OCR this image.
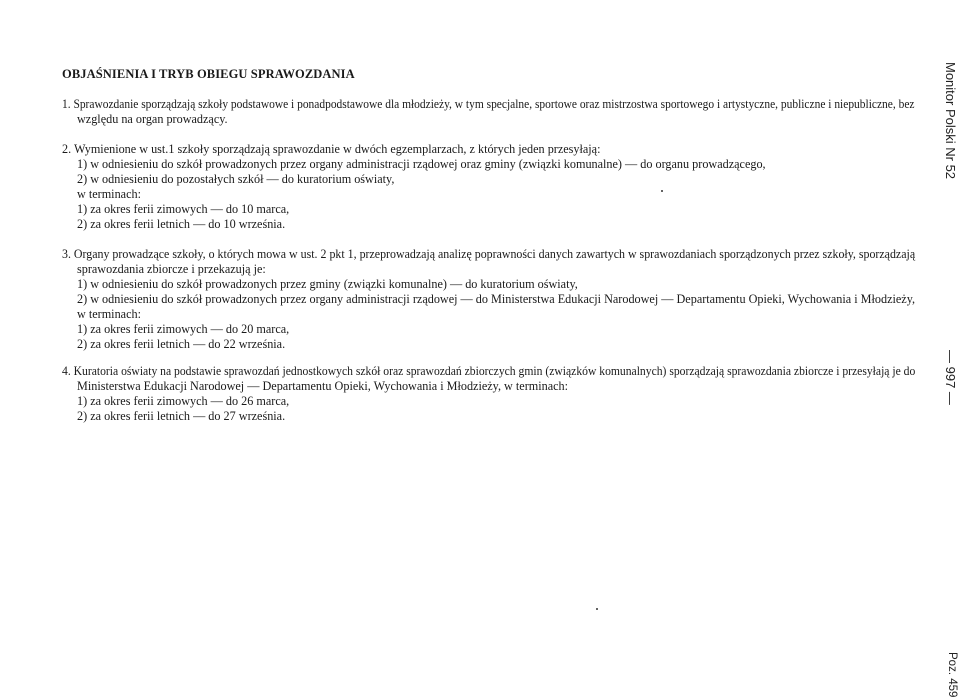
OBJAŚNIENIA I TRYB OBIEGU SPRAWOZDANIA
1. Sprawozdanie sporządzają szkoły podstawowe i ponadpodstawowe dla młodzieży, w tym specjalne, sportowe oraz mistrzostwa sportowego i artystyczne, publiczne i niepubliczne, bez
względu na organ prowadzący.
2. Wymienione w ust.1 szkoły sporządzają sprawozdanie w dwóch egzemplarzach, z których jeden przesyłają:
1) w odniesieniu do szkół prowadzonych przez organy administracji rządowej oraz gminy (związki komunalne) — do organu prowadzącego,
2) w odniesieniu do pozostałych szkół — do kuratorium oświaty,
w terminach:
1) za okres ferii zimowych — do 10 marca,
2) za okres ferii letnich — do 10 września.
3. Organy prowadzące szkoły, o których mowa w ust. 2 pkt 1, przeprowadzają analizę poprawności danych zawartych w sprawozdaniach sporządzonych przez szkoły, sporządzają
sprawozdania zbiorcze i przekazują je:
1) w odniesieniu do szkół prowadzonych przez gminy (związki komunalne) — do kuratorium oświaty,
2) w odniesieniu do szkół prowadzonych przez organy administracji rządowej — do Ministerstwa Edukacji Narodowej — Departamentu Opieki, Wychowania i Młodzieży,
w terminach:
1) za okres ferii zimowych — do 20 marca,
2) za okres ferii letnich — do 22 września.
4. Kuratoria oświaty na podstawie sprawozdań jednostkowych szkół oraz sprawozdań zbiorczych gmin (związków komunalnych) sporządzają sprawozdania zbiorcze i przesyłają je do
Ministerstwa Edukacji Narodowej — Departamentu Opieki, Wychowania i Młodzieży, w terminach:
1) za okres ferii zimowych — do 26 marca,
2) za okres ferii letnich — do 27 września.
Monitor Polski Nr 52
— 997 —
Poz. 459
